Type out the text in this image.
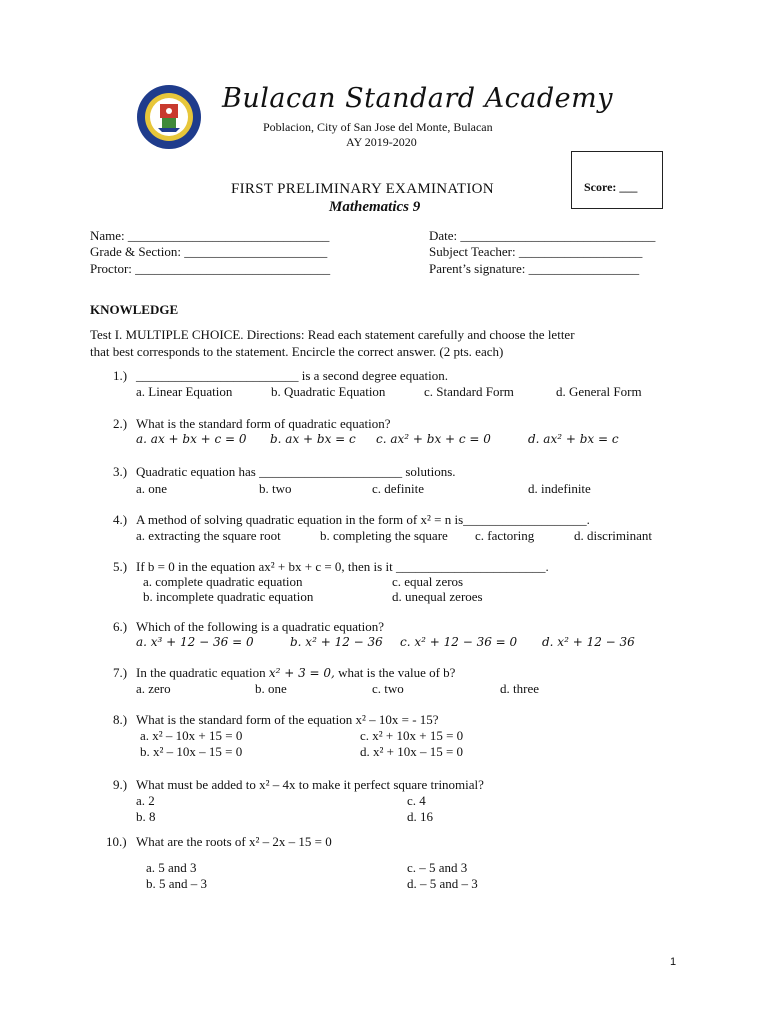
Bulacan Standard Academy
Poblacion, City of San Jose del Monte, Bulacan
AY 2019-2020
FIRST PRELIMINARY EXAMINATION
Mathematics 9
Score: ___
Name: _______________________________
Grade & Section: ______________________
Proctor: ______________________________
Date: ______________________________
Subject Teacher: ___________________
Parent’s signature: _________________
KNOWLEDGE
Test I. MULTIPLE CHOICE. Directions: Read each statement carefully and choose the letter
that best corresponds to the statement. Encircle the correct answer. (2 pts. each)
1.) _________________________ is a second degree equation.
a. Linear Equation	b. Quadratic Equation	c. Standard Form	d. General Form
2.) What is the standard form of quadratic equation?
a. ax + bx + c = 0 b. ax + bx = c c. ax² + bx + c = 0	d. ax² + bx = c
3.) Quadratic equation has ______________________ solutions.
a. one	b. two	c. definite	d. indefinite
4.) A method of solving quadratic equation in the form of x² = n is___________________.
a. extracting the square root	b. completing the square c. factoring	d. discriminant
5.) If b = 0 in the equation ax² + bx + c = 0, then is it _______________________.
a. complete quadratic equation
b. incomplete quadratic equation
c. equal zeros
d. unequal zeroes
6.) Which of the following is a quadratic equation?
a. x³ + 12 − 36 = 0	b. x² + 12 − 36 c. x² + 12 − 36 = 0 d. x² + 12 − 36
7.) In the quadratic equation x² + 3 = 0, what is the value of b?
a. zero	b. one	c. two	d. three
8.) What is the standard form of the equation x² – 10x = - 15?
a. x² – 10x + 15 = 0
b. x² – 10x – 15 = 0
c. x² + 10x + 15 = 0
d. x² + 10x – 15 = 0
9.) What must be added to x² – 4x to make it perfect square trinomial?
a. 2
b. 8
c. 4
d. 16
10.) What are the roots of x² – 2x – 15 = 0
a. 5 and 3
b. 5 and – 3
c. – 5 and 3
d. – 5 and – 3
1
